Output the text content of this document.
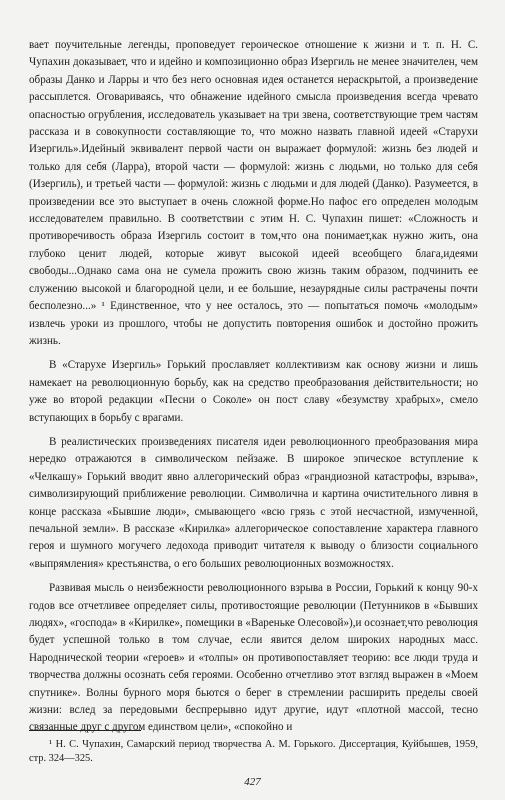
вает поучительные легенды, проповедует героическое отношение к жизни и т. п. Н. С. Чупахин доказывает, что и идейно и композиционно образ Изергиль не менее значителен, чем образы Данко и Ларры и что без него основная идея останется нераскрытой, а произведение рассыплется. Оговариваясь, что обнажение идейного смысла произведения всегда чревато опасностью огрубления, исследователь указывает на три звена, соответствующие трем частям рассказа и в совокупности составляющие то, что можно назвать главной идеей «Старухи Изергиль».Идейный эквивалент первой части он выражает формулой: жизнь без людей и только для себя (Ларра), второй части — формулой: жизнь с людьми, но только для себя (Изергиль), и третьей части — формулой: жизнь с людьми и для людей (Данко). Разумеется, в произведении все это выступает в очень сложной форме.Но пафос его определен молодым исследователем правильно. В соответствии с этим Н. С. Чупахин пишет: «Сложность и противоречивость образа Изергиль состоит в том,что она понимает,как нужно жить, она глубоко ценит людей, которые живут высокой идеей всеобщего блага,идеями свободы...Однако сама она не сумела прожить свою жизнь таким образом, подчинить ее служению высокой и благородной цели, и ее большие, незаурядные силы растрачены почти бесполезно...» ¹ Единственное, что у нее осталось, это — попытаться помочь «молодым» извлечь уроки из прошлого, чтобы не допустить повторения ошибок и достойно прожить жизнь.

В «Старухе Изергиль» Горький прославляет коллективизм как основу жизни и лишь намекает на революционную борьбу, как на средство преобразования действительности; но уже во второй редакции «Песни о Соколе» он пост славу «безумству храбрых», смело вступающих в борьбу с врагами.

В реалистических произведениях писателя идеи революционного преобразования мира нередко отражаются в символическом пейзаже. В широкое эпическое вступление к «Челкашу» Горький вводит явно аллегорический образ «грандиозной катастрофы, взрыва», символизирующий приближение революции. Символична и картина очистительного ливня в конце рассказа «Бывшие люди», смывающего «всю грязь с этой несчастной, измученной, печальной земли». В рассказе «Кирилка» аллегорическое сопоставление характера главного героя и шумного могучего ледохода приводит читателя к выводу о близости социального «выпрямления» крестьянства, о его больших революционных возможностях.

Развивая мысль о неизбежности революционного взрыва в России, Горький к концу 90-х годов все отчетливее определяет силы, противостоящие революции (Петунников в «Бывших людях», «господа» в «Кирилке», помещики в «Вареньке Олесовой»),и осознает,что революция будет успешной только в том случае, если явится делом широких народных масс. Народнической теории «героев» и «толпы» он противопоставляет теорию: все люди труда и творчества должны осознать себя героями. Особенно отчетливо этот взгляд выражен в «Моем спутнике». Волны бурного моря бьются о берег в стремлении расширить пределы своей жизни: вслед за передовыми беспрерывно идут другие, идут «плотной массой, тесно связанные друг с другом единством цели», «спокойно и

¹ Н. С. Чупахин, Самарский период творчества А. М. Горького. Диссертация, Куйбышев, 1959, стр. 324—325.

427
